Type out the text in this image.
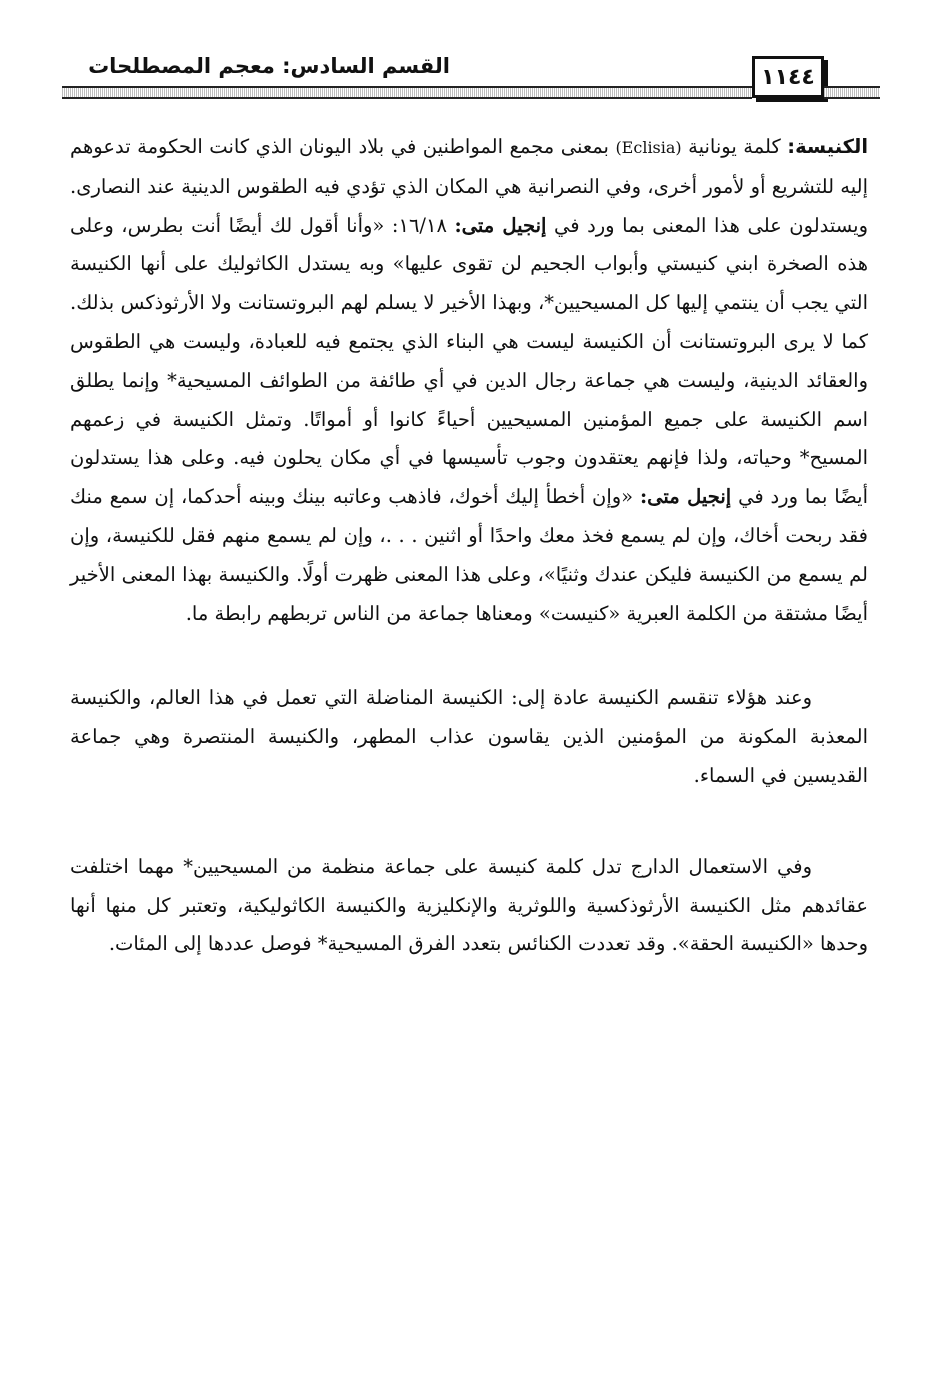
القسم السادس: معجم المصطلحات	١١٤٤

الكنيسة: كلمة يونانية (Eclisia) بمعنى مجمع المواطنين في بلاد اليونان الذي كانت الحكومة تدعوهم إليه للتشريع أو لأمور أخرى، وفي النصرانية هي المكان الذي تؤدي فيه الطقوس الدينية عند النصارى. ويستدلون على هذا المعنى بما ورد في إنجيل متى: ١٦/١٨: «وأنا أقول لك أيضًا أنت بطرس، وعلى هذه الصخرة ابني كنيستي وأبواب الجحيم لن تقوى عليها» وبه يستدل الكاثوليك على أنها الكنيسة التي يجب أن ينتمي إليها كل المسيحيين*، وبهذا الأخير لا يسلم لهم البروتستانت ولا الأرثوذكس بذلك. كما لا يرى البروتستانت أن الكنيسة ليست هي البناء الذي يجتمع فيه للعبادة، وليست هي الطقوس والعقائد الدينية، وليست هي جماعة رجال الدين في أي طائفة من الطوائف المسيحية* وإنما يطلق اسم الكنيسة على جميع المؤمنين المسيحيين أحياءً كانوا أو أمواتًا. وتمثل الكنيسة في زعمهم المسيح* وحياته، ولذا فإنهم يعتقدون وجوب تأسيسها في أي مكان يحلون فيه. وعلى هذا يستدلون أيضًا بما ورد في إنجيل متى: «وإن أخطأ إليك أخوك، فاذهب وعاتبه بينك وبينه أحدكما، إن سمع منك فقد ربحت أخاك، وإن لم يسمع فخذ معك واحدًا أو اثنين . . .، وإن لم يسمع منهم فقل للكنيسة، وإن لم يسمع من الكنيسة فليكن عندك وثنيًا»، وعلى هذا المعنى ظهرت أولًا. والكنيسة بهذا المعنى الأخير أيضًا مشتقة من الكلمة العبرية «كنيست» ومعناها جماعة من الناس تربطهم رابطة ما.

وعند هؤلاء تنقسم الكنيسة عادة إلى: الكنيسة المناضلة التي تعمل في هذا العالم، والكنيسة المعذبة المكونة من المؤمنين الذين يقاسون عذاب المطهر، والكنيسة المنتصرة وهي جماعة القديسين في السماء.

وفي الاستعمال الدارج تدل كلمة كنيسة على جماعة منظمة من المسيحيين* مهما اختلفت عقائدهم مثل الكنيسة الأرثوذكسية واللوثرية والإنكليزية والكنيسة الكاثوليكية، وتعتبر كل منها أنها وحدها «الكنيسة الحقة». وقد تعددت الكنائس بتعدد الفرق المسيحية* فوصل عددها إلى المئات.
